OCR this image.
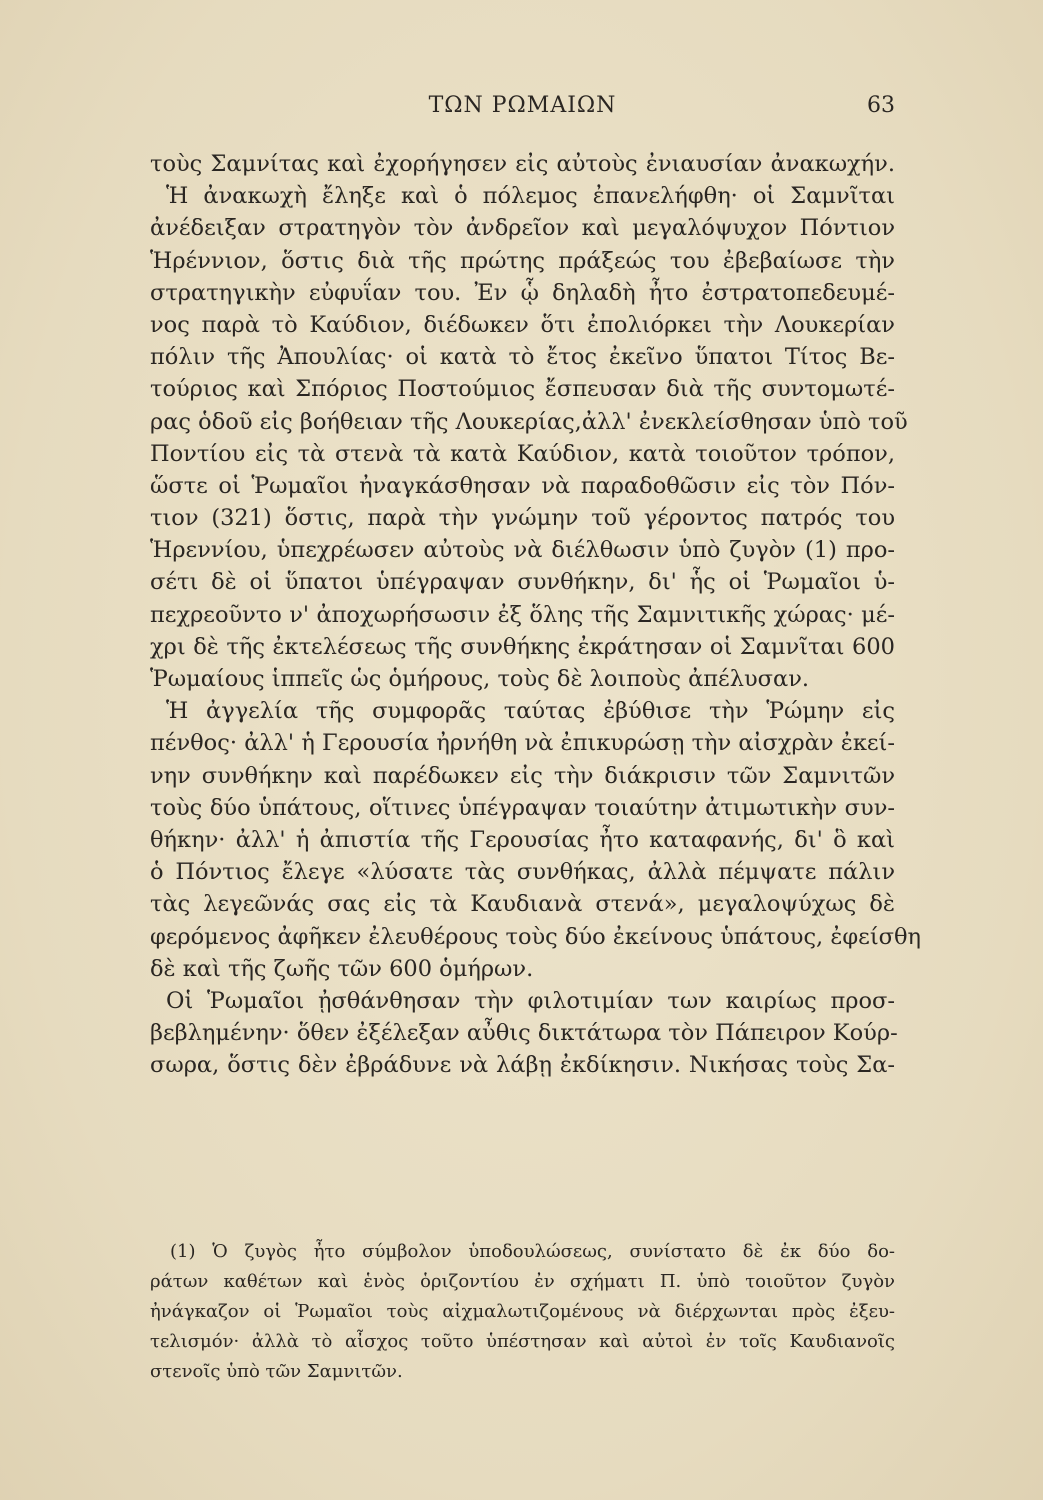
ΤΩΝ ΡΩΜΑΙΩΝ	63
τοὺς Σαμνίτας καὶ ἐχορήγησεν εἰς αὐτοὺς ἐνιαυσίαν ἀνακωχήν.
Ἡ ἀνακωχὴ ἔληξε καὶ ὁ πόλεμος ἐπανελήφθη· οἱ Σαμνῖται
ἀνέδειξαν στρατηγὸν τὸν ἀνδρεῖον καὶ μεγαλόψυχον Πόντιον
Ἡρέννιον, ὅστις διὰ τῆς πρώτης πράξεώς του ἐβεβαίωσε τὴν
στρατηγικὴν εὐφυΐαν του. Ἐν ᾧ δηλαδὴ ἦτο ἐστρατοπεδευμέ-
νος παρὰ τὸ Καύδιον, διέδωκεν ὅτι ἐπολιόρκει τὴν Λουκερίαν
πόλιν τῆς Ἀπουλίας· οἱ κατὰ τὸ ἔτος ἐκεῖνο ὕπατοι Τίτος Βε-
τούριος καὶ Σπόριος Ποστούμιος ἔσπευσαν διὰ τῆς συντομωτέ-
ρας ὁδοῦ εἰς βοήθειαν τῆς Λουκερίας,ἀλλ' ἐνεκλείσθησαν ὑπὸ τοῦ
Ποντίου εἰς τὰ στενὰ τὰ κατὰ Καύδιον, κατὰ τοιοῦτον τρόπον,
ὥστε οἱ Ῥωμαῖοι ἠναγκάσθησαν νὰ παραδοθῶσιν εἰς τὸν Πόν-
τιον (321) ὅστις, παρὰ τὴν γνώμην τοῦ γέροντος πατρός του
Ἡρεννίου, ὑπεχρέωσεν αὐτοὺς νὰ διέλθωσιν ὑπὸ ζυγὸν (1) προ-
σέτι δὲ οἱ ὕπατοι ὑπέγραψαν συνθήκην, δι' ἧς οἱ Ῥωμαῖοι ὑ-
πεχρεοῦντο ν' ἀποχωρήσωσιν ἐξ ὅλης τῆς Σαμνιτικῆς χώρας· μέ-
χρι δὲ τῆς ἐκτελέσεως τῆς συνθήκης ἐκράτησαν οἱ Σαμνῖται 600
Ῥωμαίους ἱππεῖς ὡς ὁμήρους, τοὺς δὲ λοιποὺς ἀπέλυσαν.
Ἡ ἀγγελία τῆς συμφορᾶς ταύτας ἐβύθισε τὴν Ῥώμην εἰς
πένθος· ἀλλ' ἡ Γερουσία ἠρνήθη νὰ ἐπικυρώσῃ τὴν αἰσχρὰν ἐκεί-
νην συνθήκην καὶ παρέδωκεν εἰς τὴν διάκρισιν τῶν Σαμνιτῶν
τοὺς δύο ὑπάτους, οἵτινες ὑπέγραψαν τοιαύτην ἀτιμωτικὴν συν-
θήκην· ἀλλ' ἡ ἀπιστία τῆς Γερουσίας ἦτο καταφανής, δι' ὃ καὶ
ὁ Πόντιος ἔλεγε «λύσατε τὰς συνθήκας, ἀλλὰ πέμψατε πάλιν
τὰς λεγεῶνάς σας εἰς τὰ Καυδιανὰ στενά», μεγαλοψύχως δὲ
φερόμενος ἀφῆκεν ἐλευθέρους τοὺς δύο ἐκείνους ὑπάτους, ἐφείσθη
δὲ καὶ τῆς ζωῆς τῶν 600 ὁμήρων.
Οἱ Ῥωμαῖοι ᾐσθάνθησαν τὴν φιλοτιμίαν των καιρίως προσ-
βεβλημένην· ὅθεν ἐξέλεξαν αὖθις δικτάτωρα τὸν Πάπειρον Κούρ-
σωρα, ὅστις δὲν ἐβράδυνε νὰ λάβῃ ἐκδίκησιν. Νικήσας τοὺς Σα-
(1) Ὁ ζυγὸς ἦτο σύμβολον ὑποδουλώσεως, συνίστατο δὲ ἐκ δύο δο-
ράτων καθέτων καὶ ἑνὸς ὁριζοντίου ἐν σχήματι Π. ὑπὸ τοιοῦτον ζυγὸν
ἠνάγκαζον οἱ Ῥωμαῖοι τοὺς αἰχμαλωτιζομένους νὰ διέρχωνται πρὸς ἐξευ-
τελισμόν· ἀλλὰ τὸ αἶσχος τοῦτο ὑπέστησαν καὶ αὐτοὶ ἐν τοῖς Καυδιανοῖς
στενοῖς ὑπὸ τῶν Σαμνιτῶν.
